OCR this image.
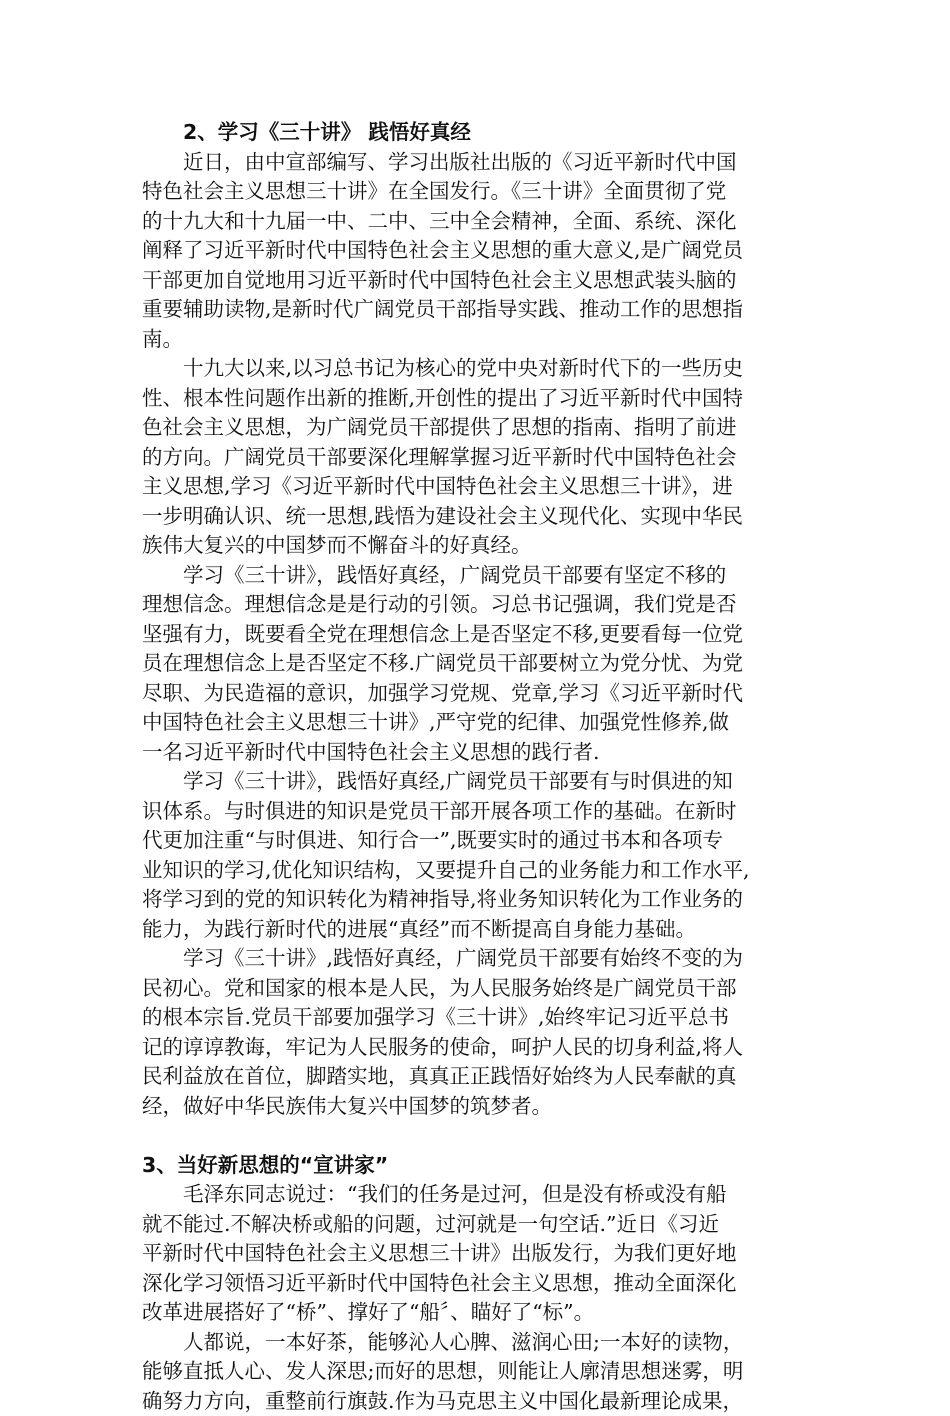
2、学习《三十讲》 践悟好真经
近日，由中宣部编写、学习出版社出版的《习近平新时代中国
特色社会主义思想三十讲》在全国发行。《三十讲》全面贯彻了党
的十九大和十九届一中、二中、三中全会精神，全面、系统、深化
阐释了习近平新时代中国特色社会主义思想的重大意义,是广阔党员
干部更加自觉地用习近平新时代中国特色社会主义思想武装头脑的
重要辅助读物,是新时代广阔党员干部指导实践、推动工作的思想指
南。
十九大以来,以习总书记为核心的党中央对新时代下的一些历史
性、根本性问题作出新的推断,开创性的提出了习近平新时代中国特
色社会主义思想，为广阔党员干部提供了思想的指南、指明了前进
的方向。广阔党员干部要深化理解掌握习近平新时代中国特色社会
主义思想,学习《习近平新时代中国特色社会主义思想三十讲》，进
一步明确认识、统一思想,践悟为建设社会主义现代化、实现中华民
族伟大复兴的中国梦而不懈奋斗的好真经。
学习《三十讲》，践悟好真经，广阔党员干部要有坚定不移的
理想信念。理想信念是是行动的引领。习总书记强调，我们党是否
坚强有力，既要看全党在理想信念上是否坚定不移,更要看每一位党
员在理想信念上是否坚定不移.广阔党员干部要树立为党分忧、为党
尽职、为民造福的意识，加强学习党规、党章,学习《习近平新时代
中国特色社会主义思想三十讲》,严守党的纪律、加强党性修养,做
一名习近平新时代中国特色社会主义思想的践行者.
学习《三十讲》，践悟好真经,广阔党员干部要有与时俱进的知
识体系。与时俱进的知识是党员干部开展各项工作的基础。在新时
代更加注重“与时俱进、知行合一”,既要实时的通过书本和各项专
业知识的学习,优化知识结构，又要提升自己的业务能力和工作水平,
将学习到的党的知识转化为精神指导,将业务知识转化为工作业务的
能力，为践行新时代的进展“真经”而不断提高自身能力基础。
学习《三十讲》,践悟好真经，广阔党员干部要有始终不变的为
民初心。党和国家的根本是人民，为人民服务始终是广阔党员干部
的根本宗旨.党员干部要加强学习《三十讲》,始终牢记习近平总书
记的谆谆教诲，牢记为人民服务的使命，呵护人民的切身利益,将人
民利益放在首位，脚踏实地，真真正正践悟好始终为人民奉献的真
经，做好中华民族伟大复兴中国梦的筑梦者。
3、当好新思想的“宣讲家”
毛泽东同志说过：“我们的任务是过河，但是没有桥或没有船
就不能过.不解决桥或船的问题，过河就是一句空话.”近日《习近
平新时代中国特色社会主义思想三十讲》出版发行，为我们更好地
深化学习领悟习近平新时代中国特色社会主义思想，推动全面深化
改革进展搭好了“桥”、撑好了“船〞、瞄好了“标”。
人都说，一本好茶，能够沁人心脾、滋润心田;一本好的读物，
能够直抵人心、发人深思;而好的思想，则能让人廓清思想迷雾，明
确努力方向，重整前行旗鼓.作为马克思主义中国化最新理论成果，
